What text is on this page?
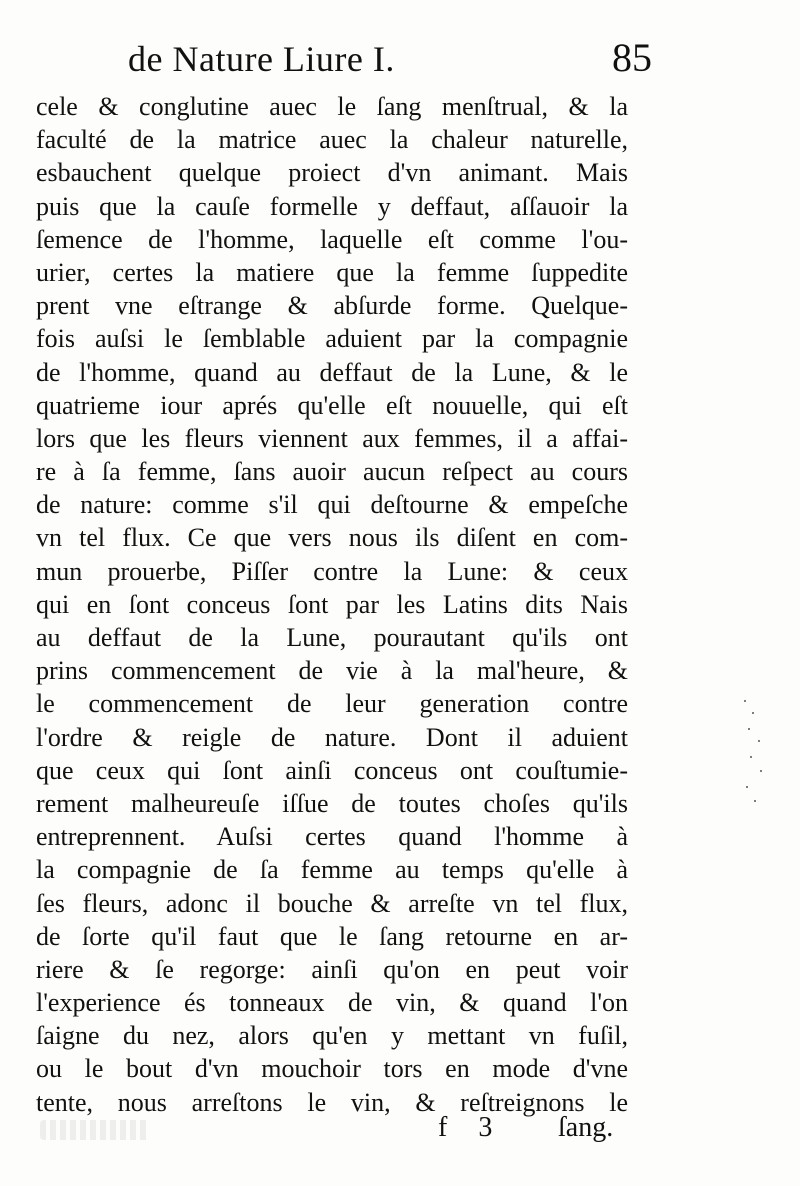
de Nature Liure I.	85
cele & conglutine auec le ſang menſtrual, & la
faculté de la matrice auec la chaleur naturelle,
esbauchent quelque proiect d'vn animant. Mais
puis que la cauſe formelle y deffaut, aſſauoir la
ſemence de l'homme, laquelle eſt comme l'ou-
urier, certes la matiere que la femme ſuppedite
prent vne eſtrange & abſurde forme. Quelque-
fois auſsi le ſemblable aduient par la compagnie
de l'homme, quand au deffaut de la Lune, & le
quatrieme iour aprés qu'elle eſt nouuelle, qui eſt
lors que les fleurs viennent aux femmes, il a affai-
re à ſa femme, ſans auoir aucun reſpect au cours
de nature: comme s'il qui deſtourne & empeſche
vn tel flux. Ce que vers nous ils diſent en com-
mun prouerbe, Piſſer contre la Lune: & ceux
qui en ſont conceus ſont par les Latins dits Nais
au deffaut de la Lune, pourautant qu'ils ont
prins commencement de vie à la mal'heure, &
le commencement de leur generation contre
l'ordre & reigle de nature. Dont il aduient
que ceux qui ſont ainſi conceus ont couſtumie-
rement malheureuſe iſſue de toutes choſes qu'ils
entreprennent. Auſsi certes quand l'homme à
la compagnie de ſa femme au temps qu'elle à
ſes fleurs, adonc il bouche & arreſte vn tel flux,
de ſorte qu'il faut que le ſang retourne en ar-
riere & ſe regorge: ainſi qu'on en peut voir
l'experience és tonneaux de vin, & quand l'on
ſaigne du nez, alors qu'en y mettant vn fuſil,
ou le bout d'vn mouchoir tors en mode d'vne
tente, nous arreſtons le vin, & reſtreignons le
f 3 ſang.
